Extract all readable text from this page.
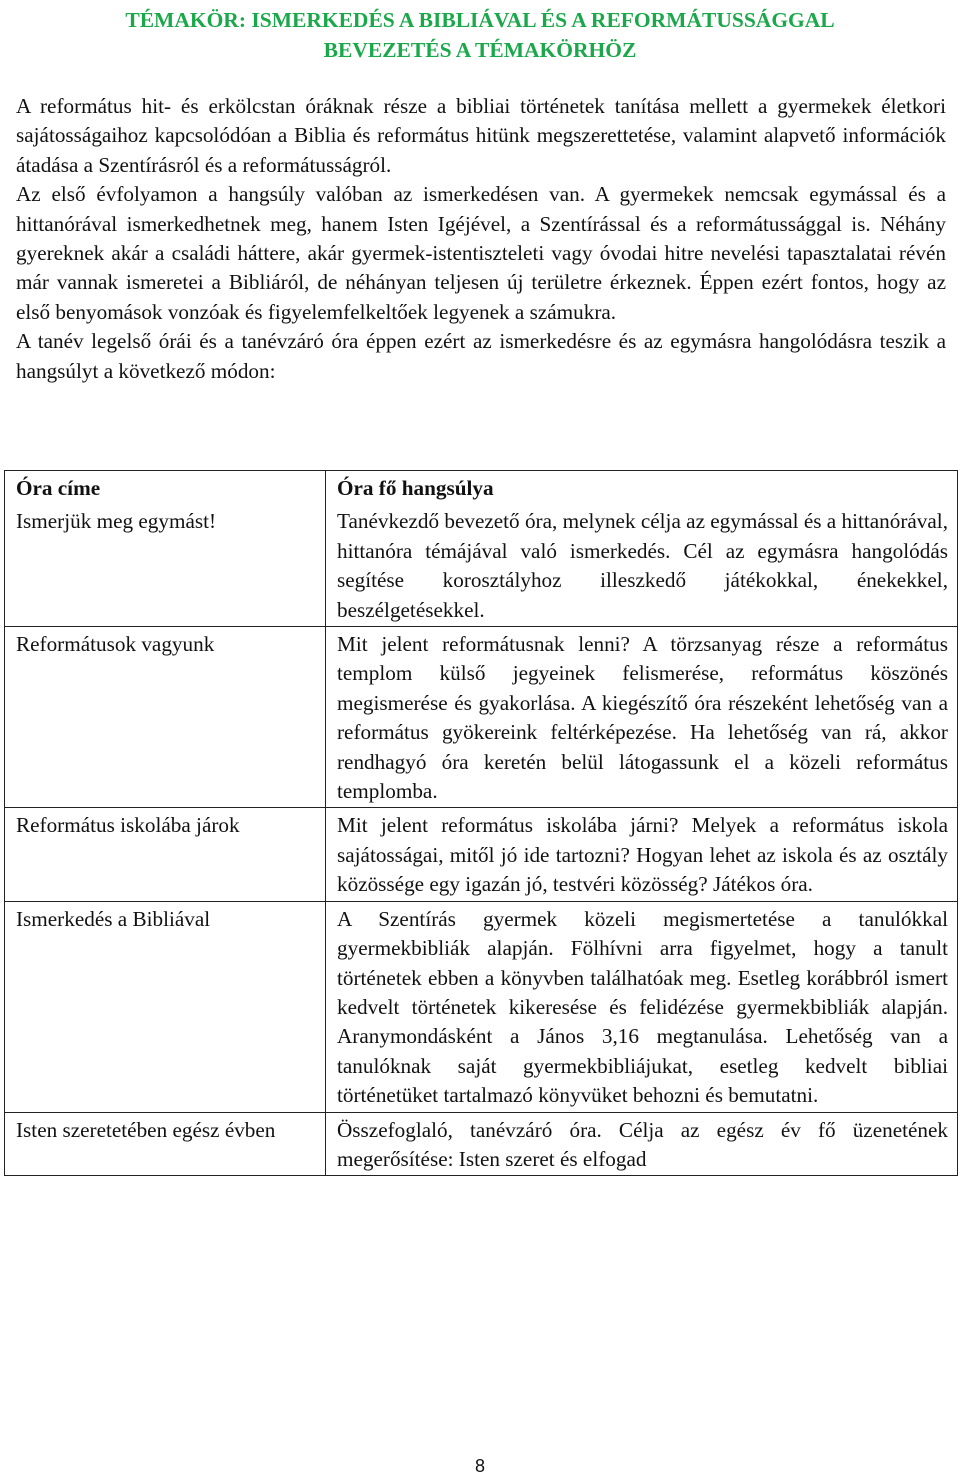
TÉMAKÖR: ISMERKEDÉS A BIBLIÁVAL ÉS A REFORMÁTUSSÁGGAL
BEVEZETÉS A TÉMAKÖRHÖZ

A református hit- és erkölcstan óráknak része a bibliai történetek tanítása mellett a gyermekek életkori sajátosságaihoz kapcsolódóan a Biblia és református hitünk megszerettetése, valamint alapvető információk átadása a Szentírásról és a reformátusságról.

Az első évfolyamon a hangsúly valóban az ismerkedésen van. A gyermekek nemcsak egymással és a hittanórával ismerkedhetnek meg, hanem Isten Igéjével, a Szentírással és a reformátussággal is. Néhány gyereknek akár a családi háttere, akár gyermek-istentiszteleti vagy óvodai hitre nevelési tapasztalatai révén már vannak ismeretei a Bibliáról, de néhányan teljesen új területre érkeznek. Éppen ezért fontos, hogy az első benyomások vonzóak és figyelemfelkeltőek legyenek a számukra.

A tanév legelső órái és a tanévzáró óra éppen ezért az ismerkedésre és az egymásra hangolódásra teszik a hangsúlyt a következő módon:

Óra címe	Óra fő hangsúlya
Ismerjük meg egymást!	Tanévkezdő bevezető óra, melynek célja az egymással és a hittanórával, hittanóra témájával való ismerkedés. Cél az egymásra hangolódás segítése korosztályhoz illeszkedő játékokkal, énekekkel, beszélgetésekkel.
Reformátusok vagyunk	Mit jelent reformátusnak lenni? A törzsanyag része a református templom külső jegyeinek felismerése, református köszönés megismerése és gyakorlása. A kiegészítő óra részeként lehetőség van a református gyökereink feltérképezése. Ha lehetőség van rá, akkor rendhagyó óra keretén belül látogassunk el a közeli református templomba.
Református iskolába járok	Mit jelent református iskolába járni? Melyek a református iskola sajátosságai, mitől jó ide tartozni? Hogyan lehet az iskola és az osztály közössége egy igazán jó, testvéri közösség? Játékos óra.
Ismerkedés a Bibliával	A Szentírás gyermek közeli megismertetése a tanulókkal gyermekbibliák alapján. Fölhívni arra figyelmet, hogy a tanult történetek ebben a könyvben találhatóak meg. Esetleg korábbról ismert kedvelt történetek kikeresése és felidézése gyermekbibliák alapján. Aranymondásként a János 3,16 megtanulása. Lehetőség van a tanulóknak saját gyermekbibliájukat, esetleg kedvelt bibliai történetüket tartalmazó könyvüket behozni és bemutatni.
Isten szeretetében egész évben	Összefoglaló, tanévzáró óra. Célja az egész év fő üzenetének megerősítése: Isten szeret és elfogad
8
